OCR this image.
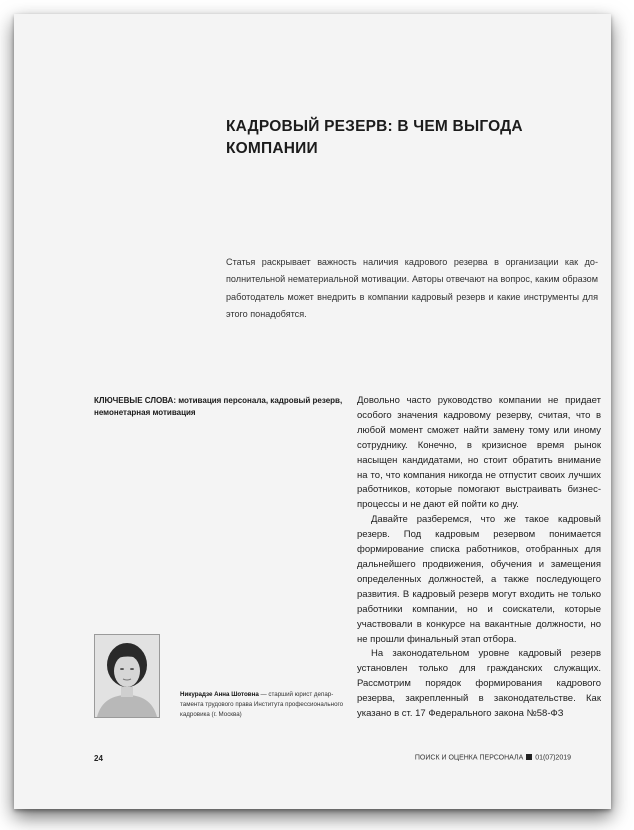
КАДРОВЫЙ РЕЗЕРВ: В ЧЕМ ВЫГОДА
КОМПАНИИ
Статья раскрывает важность наличия кадрового резерва в организации как дополнительной нематериальной мотивации. Авторы отвечают на вопрос, каким образом работодатель может внедрить в компании кадровый резерв и какие инструменты для этого понадобятся.
КЛЮЧЕВЫЕ СЛОВА: мотивация персонала, кадровый резерв, немонетарная мотивация

Довольно часто руководство компании не придает особого значения кадровому резерву, считая, что в любой момент сможет найти замену тому или иному сотруднику. Конечно, в кризисное время рынок насыщен кандидатами, но стоит обратить внимание на то, что компания никогда не отпустит своих лучших работников, которые помогают выстраивать бизнес-процессы и не дают ей пойти ко дну.

Давайте разберемся, что же такое кадровый резерв. Под кадровым резервом понимается формирование списка работников, отобранных для дальнейшего продвижения, обучения и замещения определенных должностей, а также последующего развития. В кадровый резерв могут входить не только работники компании, но и соискатели, которые участвовали в конкурсе на вакантные должности, но не прошли финальный этап отбора.

На законодательном уровне кадровый резерв установлен только для гражданских служащих. Рассмотрим порядок формирования кадрового резерва, закрепленный в законодательстве. Как указано в ст. 17 Федерального закона №58-ФЗ

Никурадзе Анна Шотовна — старший юрист департамента трудового права Института профессионального кадровика (г. Москва)
24	ПОИСК И ОЦЕНКА ПЕРСОНАЛА 01(07)2019
